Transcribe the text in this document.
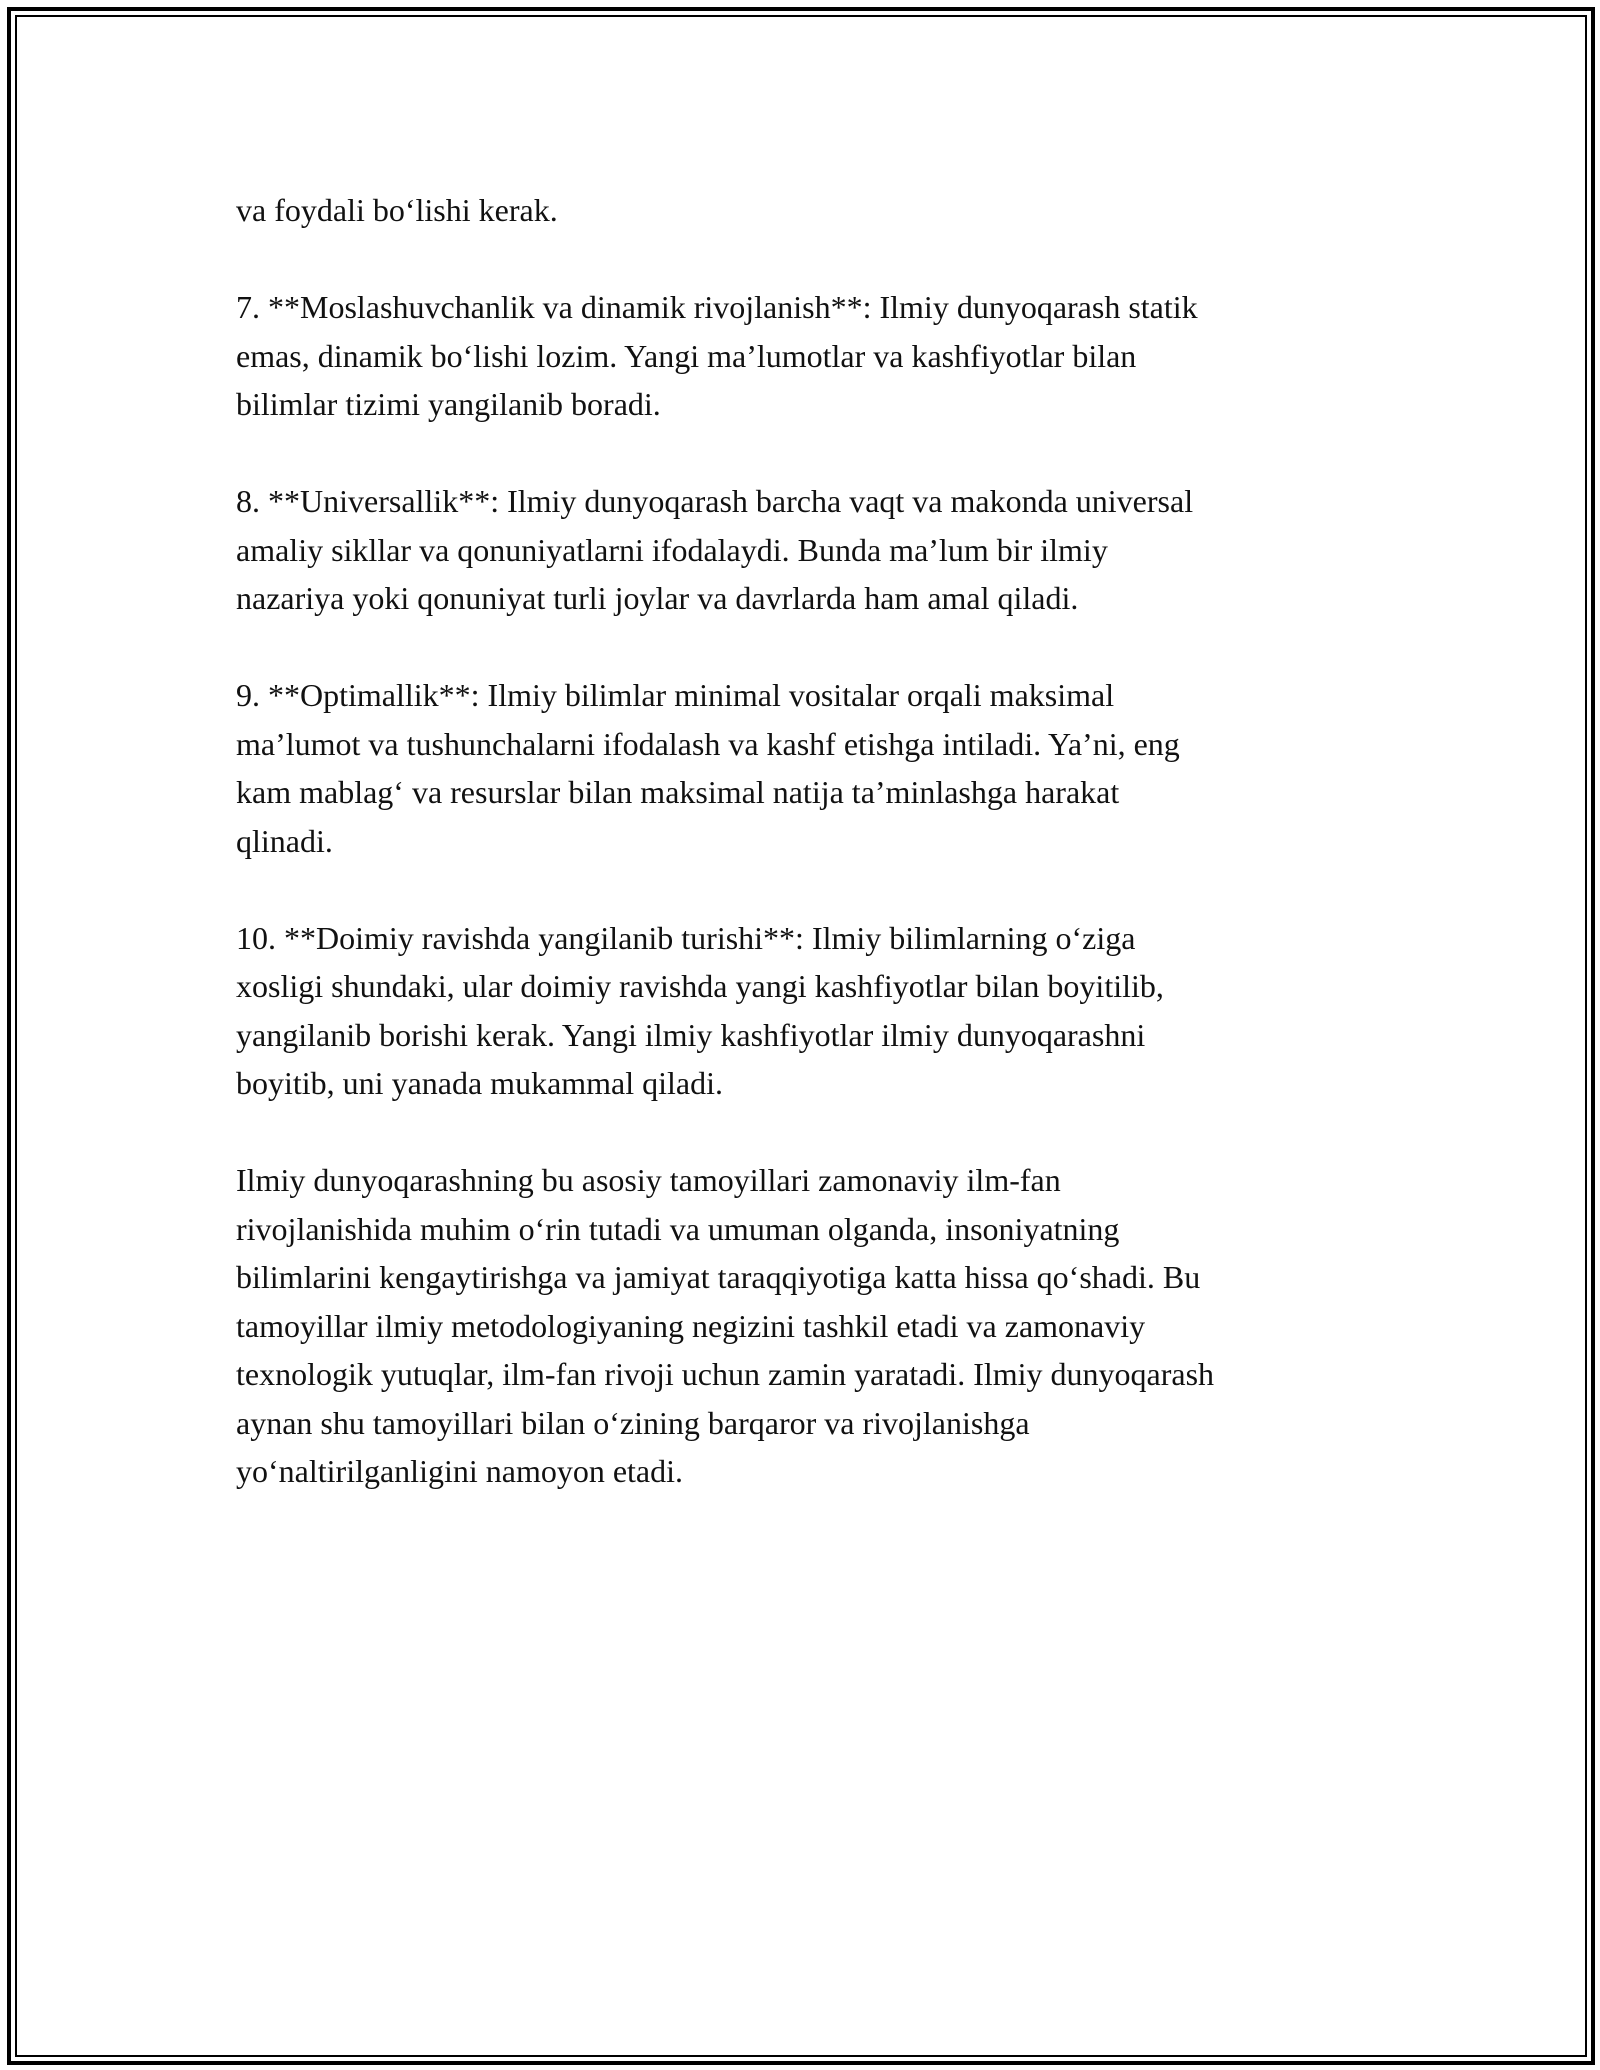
va foydali bo‘lishi kerak.

7. **Moslashuvchanlik va dinamik rivojlanish**: Ilmiy dunyoqarash statik
emas, dinamik bo‘lishi lozim. Yangi ma’lumotlar va kashfiyotlar bilan
bilimlar tizimi yangilanib boradi.

8. **Universallik**: Ilmiy dunyoqarash barcha vaqt va makonda universal
amaliy sikllar va qonuniyatlarni ifodalaydi. Bunda ma’lum bir ilmiy
nazariya yoki qonuniyat turli joylar va davrlarda ham amal qiladi.

9. **Optimallik**: Ilmiy bilimlar minimal vositalar orqali maksimal
ma’lumot va tushunchalarni ifodalash va kashf etishga intiladi. Ya’ni, eng
kam mablag‘ va resurslar bilan maksimal natija ta’minlashga harakat
qlinadi.

10. **Doimiy ravishda yangilanib turishi**: Ilmiy bilimlarning o‘ziga
xosligi shundaki, ular doimiy ravishda yangi kashfiyotlar bilan boyitilib,
yangilanib borishi kerak. Yangi ilmiy kashfiyotlar ilmiy dunyoqarashni
boyitib, uni yanada mukammal qiladi.

Ilmiy dunyoqarashning bu asosiy tamoyillari zamonaviy ilm-fan
rivojlanishida muhim o‘rin tutadi va umuman olganda, insoniyatning
bilimlarini kengaytirishga va jamiyat taraqqiyotiga katta hissa qo‘shadi. Bu
tamoyillar ilmiy metodologiyaning negizini tashkil etadi va zamonaviy
texnologik yutuqlar, ilm-fan rivoji uchun zamin yaratadi. Ilmiy dunyoqarash
aynan shu tamoyillari bilan o‘zining barqaror va rivojlanishga
yo‘naltirilganligini namoyon etadi.
